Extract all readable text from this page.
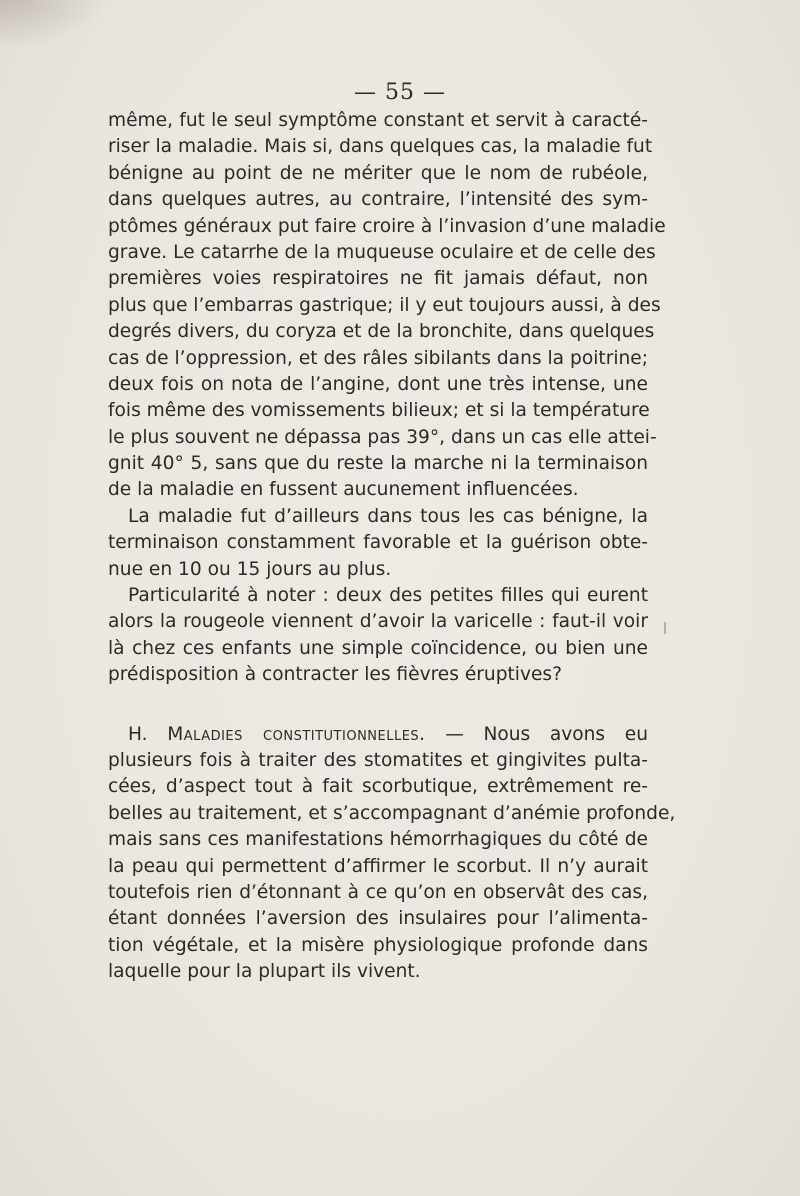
— 55 —
même, fut le seul symptôme constant et servit à caracté-
riser la maladie. Mais si, dans quelques cas, la maladie fut
bénigne au point de ne mériter que le nom de rubéole,
dans quelques autres, au contraire, l’intensité des sym-
ptômes généraux put faire croire à l’invasion d’une maladie
grave. Le catarrhe de la muqueuse oculaire et de celle des
premières voies respiratoires ne fit jamais défaut, non
plus que l’embarras gastrique; il y eut toujours aussi, à des
degrés divers, du coryza et de la bronchite, dans quelques
cas de l’oppression, et des râles sibilants dans la poitrine;
deux fois on nota de l’angine, dont une très intense, une
fois même des vomissements bilieux; et si la température
le plus souvent ne dépassa pas 39°, dans un cas elle attei-
gnit 40° 5, sans que du reste la marche ni la terminaison
de la maladie en fussent aucunement influencées.
La maladie fut d’ailleurs dans tous les cas bénigne, la
terminaison constamment favorable et la guérison obte-
nue en 10 ou 15 jours au plus.
Particularité à noter : deux des petites filles qui eurent
alors la rougeole viennent d’avoir la varicelle : faut-il voir
là chez ces enfants une simple coïncidence, ou bien une
prédisposition à contracter les fièvres éruptives?
H. Maladies constitutionnelles. — Nous avons eu
plusieurs fois à traiter des stomatites et gingivites pulta-
cées, d’aspect tout à fait scorbutique, extrêmement re-
belles au traitement, et s’accompagnant d’anémie profonde,
mais sans ces manifestations hémorrhagiques du côté de
la peau qui permettent d’affirmer le scorbut. Il n’y aurait
toutefois rien d’étonnant à ce qu’on en observât des cas,
étant données l’aversion des insulaires pour l’alimenta-
tion végétale, et la misère physiologique profonde dans
laquelle pour la plupart ils vivent.
